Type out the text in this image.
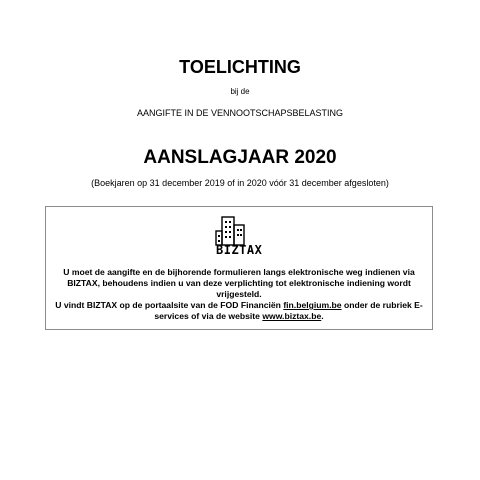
TOELICHTING
bij de
AANGIFTE IN DE VENNOOTSCHAPSBELASTING
AANSLAGJAAR 2020
(Boekjaren op 31 december 2019 of in 2020 vóór 31 december afgesloten)
BIZTAX

U moet de aangifte en de bijhorende formulieren langs elektronische weg indienen via BIZTAX, behoudens indien u van deze verplichting tot elektronische indiening wordt vrijgesteld.

U vindt BIZTAX op de portaalsite van de FOD Financiën fin.belgium.be onder de rubriek E-services of via de website www.biztax.be.
